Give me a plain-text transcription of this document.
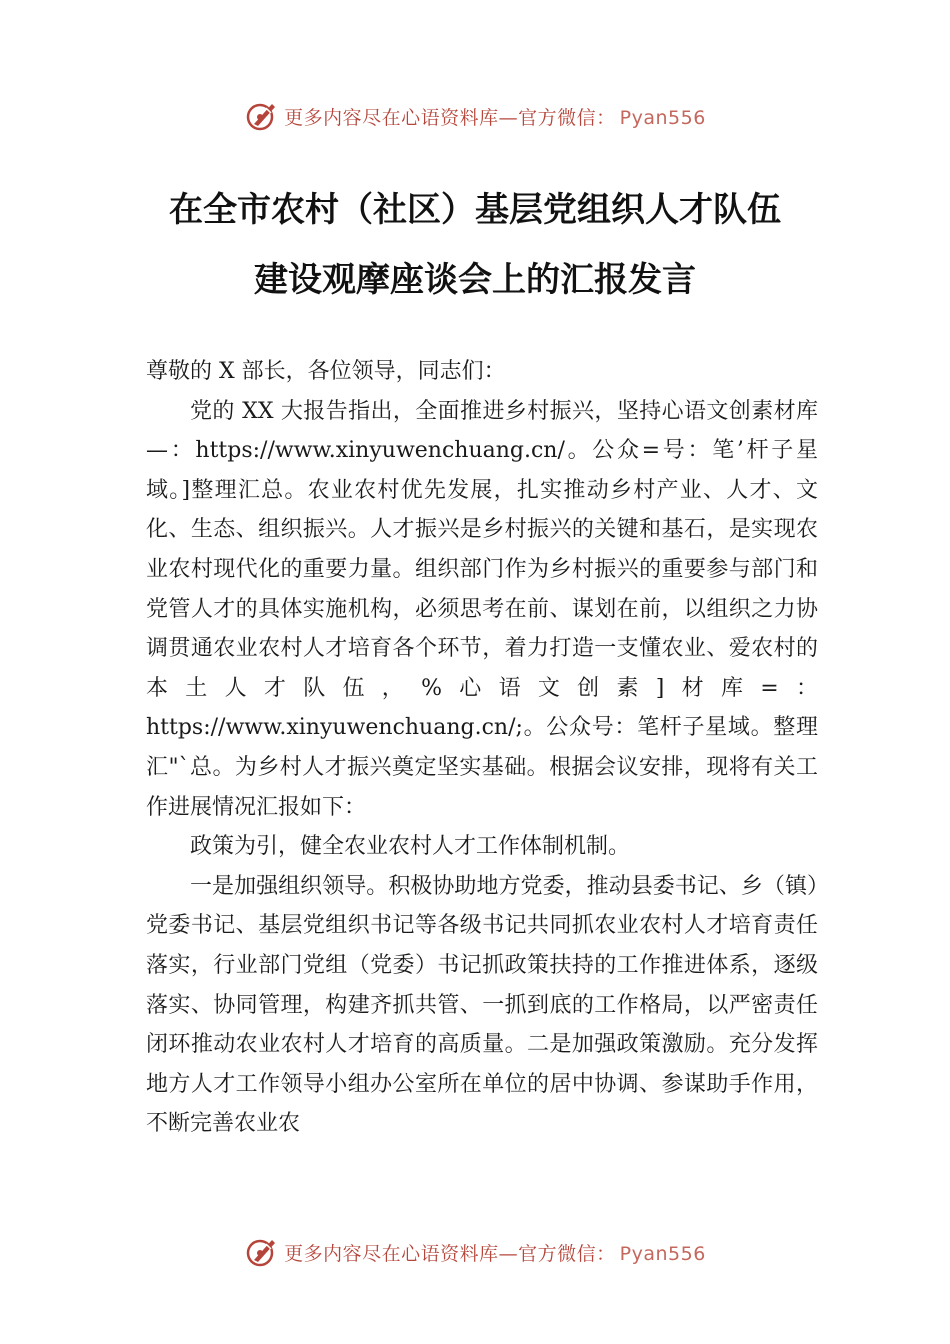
更多内容尽在心语资料库—官方微信： Pyan556
在全市农村（社区）基层党组织人才队伍
建设观摩座谈会上的汇报发言

尊敬的 X 部长，各位领导，同志们：

党的 XX 大报告指出，全面推进乡村振兴，坚持心语文创素材库—：https://www.xinyuwenchuang.cn/。公众=号：笔’杆子星域。]整理汇总。农业农村优先发展，扎实推动乡村产业、人才、文化、生态、组织振兴。人才振兴是乡村振兴的关键和基石，是实现农业农村现代化的重要力量。组织部门作为乡村振兴的重要参与部门和党管人才的具体实施机构，必须思考在前、谋划在前，以组织之力协调贯通农业农村人才培育各个环节，着力打造一支懂农业、爱农村的本土人才队伍，%心语文创素]材库=：https://www.xinyuwenchuang.cn/;。公众号：笔杆子星域。整理汇"`总。为乡村人才振兴奠定坚实基础。根据会议安排，现将有关工作进展情况汇报如下：

政策为引，健全农业农村人才工作体制机制。

一是加强组织领导。积极协助地方党委，推动县委书记、乡（镇）党委书记、基层党组织书记等各级书记共同抓农业农村人才培育责任落实，行业部门党组（党委）书记抓政策扶持的工作推进体系，逐级落实、协同管理，构建齐抓共管、一抓到底的工作格局，以严密责任闭环推动农业农村人才培育的高质量。二是加强政策激励。充分发挥地方人才工作领导小组办公室所在单位的居中协调、参谋助手作用，不断完善农业农

更多内容尽在心语资料库—官方微信： Pyan556
